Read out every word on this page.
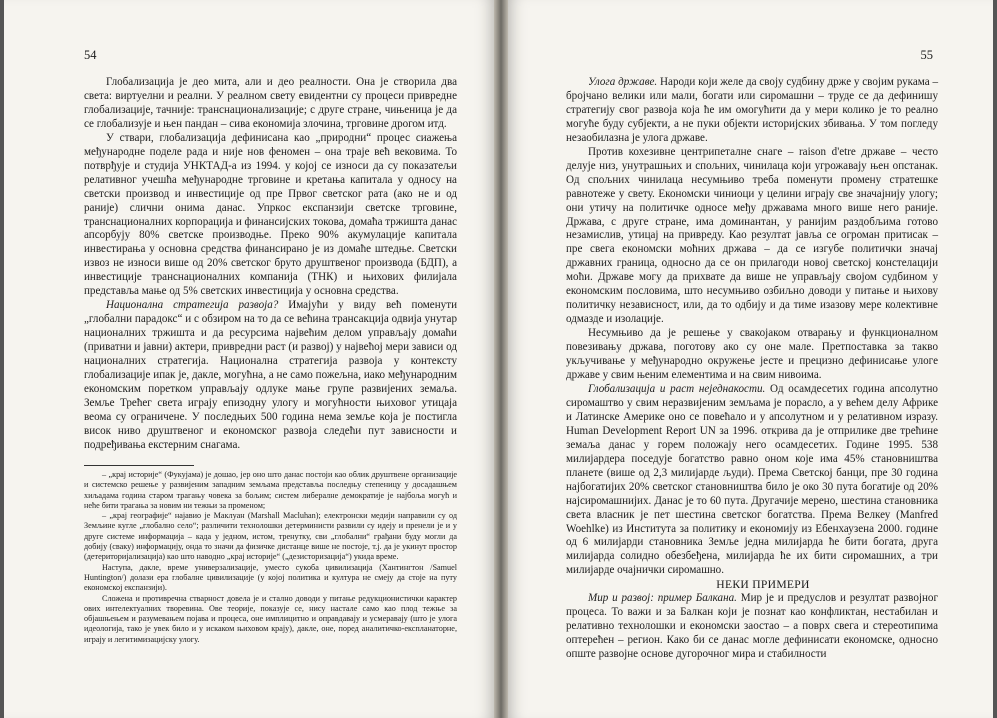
54

Глобализација је део мита, али и део реалности. Она је створила два света: виртуелни и реални. У реалном свету евидентни су процеси привредне глобализације, тачније: транснационализације; с друге стране, чињеница је да се глобализује и њен пандан – сива економија злочина, трговине дрогом итд.

У ствари, глобализација дефинисана као „природни“ процес сиажења међународне поделе рада и није нов феномен – она траје већ вековима. То потврђује и студија УНКТАД-а из 1994. у којој се износи да су показатељи релативног учешћа међународне трговине и кретања капитала у односу на светски производ и инвестиције од пре Првог светског рата (ако не и од раније) слични онима данас. Упркос експанзији светске трговине, транснационалних корпорација и финансијских токова, домаћа тржишта данас апсорбују 80% светске производње. Преко 90% акумулације капитала инвестирања у основна средства финансирано је из домаће штедње. Светски извоз не износи више од 20% светског бруто друштвеног производа (БДП), а инвестиције транснационалних компанија (ТНК) и њихових филијала представља мање од 5% светских инвестиција у основна средства.

Национална стратегија развоја? Имајући у виду већ поменути „глобални парадокс“ и с обзиром на то да се већина трансакција одвија унутар националних тржишта и да ресурсима највећим делом управљају домаћи (приватни и јавни) актери, привредни раст (и развој) у највећој мери зависи од националних стратегија. Национална стратегија развоја у контексту глобализације ипак је, дакле, могућна, а не само пожељна, иако међународним економским поретком управљају одлуке мање групе развијених земаља. Земље Трећег света играју епизодну улогу и могућности њиховог утицаја веома су ограничене. У последњих 500 година нема земље која је постигла висок ниво друштвеног и економског развоја следећи пут зависности и подређивања екстерним снагама.

– „крај историје“ (Фукујама) је дошао, јер оно што данас постоји као облик друштвене организације и системско решење у развијеним западним земљама представља последњу степеницу у досадашњем хиљадама година старом трагању човека за бољим; систем либералне демократије је најбоља могућ и неће бити трагања за новим ни тежњи за променом;

– „крај географије“ најавио је Маклуан (Marshall Macluhan); електронски медији направили су од Земљине кугле „глобално село“; различити технолошки детерминисти развили су идеју и пренели је и у друге системе информација – када у једном, истом, тренутку, сви „глобални“ грађани буду могли да добију (сваку) информацију, онда то значи да физичке дистанце више не постоје, т.ј. да је укинут простор (детериторијализација) као што наводно „крај историје“ („дезисторизација“) укида време.

Наступа, дакле, време универзализације, уместо сукоба цивилизација (Хантингтон /Samuel Huntington/) долази ера глобалне цивилизације (у којој политика и култура не смеју да стоје на путу економској експанзији).

Сложена и противречна стварност довела је и стално доводи у питање редукционистички карактер ових интелектуалних творевина. Ове теорије, показује се, нису настале само као плод тежње за објашњењем и разумевањем појава и процеса, оне имплицитно и оправдавају и усмеравају (што је улога идеологија, тако је увек било и у искаком њиховом крају), дакле, оне, поред аналитичко-експланаторне, играју и легитимизацијску улогу.

55

Улога државе. Народи који желе да своју судбину држе у својим рукама – бројчано велики или мали, богати или сиромашни – труде се да дефинишу стратегију свог развоја која ће им омогућити да у мери колико је то реално могуће буду субјекти, а не пуки објекти историјских збивања. У том погледу незаобилазна је улога државе.

Против кохезивне центрипеталне снаге – raison d'etre државе – често делује низ, унутрашњих и спољних, чинилаца који угрожавају њен опстанак. Од спољних чинилаца несумњиво треба поменути промену стратешке равнотеже у свету. Економски чиниоци у целини играју све значајнију улогу; они утичу на политичке односе међу државама много више него раније. Држава, с друге стране, има доминантан, у ранијим раздобљима готово незамислив, утицај на привреду. Као резултат јавља се огроман притисак – пре свега економски моћних држава – да се изгубе политички значај државних граница, односно да се он прилагоди новој светској констелацији моћи. Државе могу да прихвате да више не управљају својом судбином у економским пословима, што несумњиво озбиљно доводи у питање и њихову политичку независност, или, да то одбију и да тиме изазову мере колективне одмазде и изолације.

Несумњиво да је решење у свакојаком отварању и функционалном повезивању држава, поготову ако су оне мале. Претпоставка за такво укључивање у међународно окружење јесте и прецизно дефинисање улоге државе у свим њеним елементима и на свим нивоима.

Глобализација и раст неједнакости. Од осамдесетих година апсолутно сиромаштво у свим неразвијеним земљама је порасло, а у већем делу Африке и Латинске Америке оно се повећало и у апсолутном и у релативном изразу. Human Development Report UN за 1996. открива да је отприлике две трећине земаља данас у горем положају него осамдесетих. Године 1995. 538 милијардера поседује богатство равно оном које има 45% становништва планете (више од 2,3 милијарде људи). Према Светској банци, пре 30 година најбогатијих 20% светског становништва било је око 30 пута богатије од 20% најсиромашнијих. Данас је то 60 пута. Другачије мерено, шестина становника света власник је пет шестина светског богатства. Према Велкеу (Manfred Woehlke) из Института за политику и економију из Ебенхаузена 2000. године од 6 милијарди становника Земље једна милијарда ће бити богата, друга милијарда солидно обезбеђена, милијарда ће их бити сиромашних, а три милијарде очајнички сиромашно.

НЕКИ ПРИМЕРИ

Мир и развој: пример Балкана. Мир је и предуслов и резултат развојног процеса. То важи и за Балкан који је познат као конфликтан, нестабилан и релативно технолошки и економски заостао – а поврх свега и стереотипима оптерећен – регион. Како би се данас могле дефинисати економске, односно опште развојне основе дугорочног мира и стабилности
